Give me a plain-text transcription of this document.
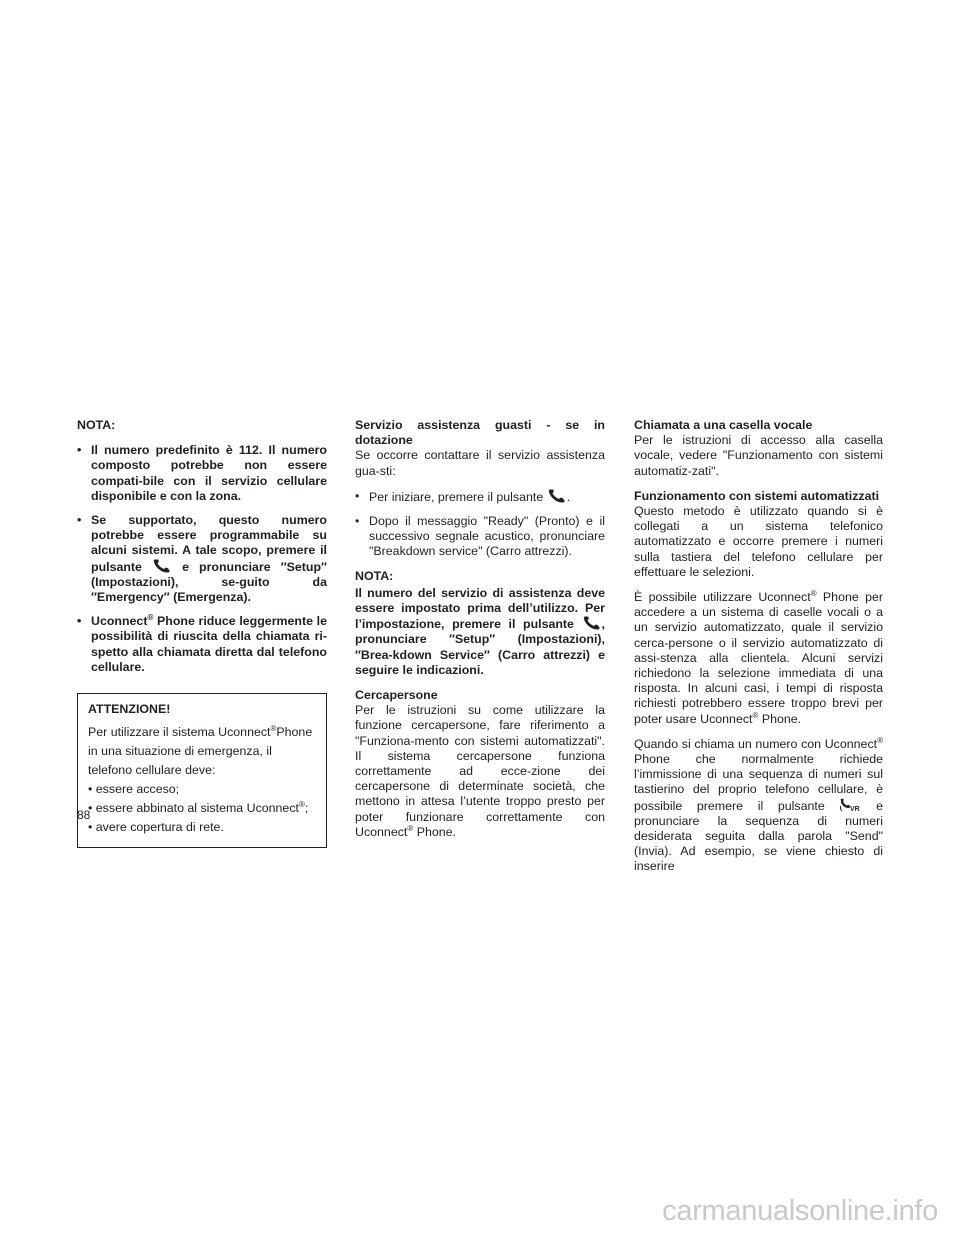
NOTA:

• Il numero predefinito è 112. Il numero composto potrebbe non essere compati-bile con il servizio cellulare disponibile e con la zona.
• Se supportato, questo numero potrebbe essere programmabile su alcuni sistemi. A tale scopo, premere il pulsante	e pronunciare ″Setup″ (Impostazioni), se-guito da ″Emergency″ (Emergenza).
• Uconnect® Phone riduce leggermente le possibilità di riuscita della chiamata ri-spetto alla chiamata diretta dal telefono cellulare.

ATTENZIONE!

Per utilizzare il sistema Uconnect®Phone in una situazione di emergenza, il telefono cellulare deve:

• essere acceso;

• essere abbinato al sistema Uconnect®;

• avere copertura di rete.

Servizio assistenza guasti - se in dotazione

Se occorre contattare il servizio assistenza gua-sti:

• Per iniziare, premere il pulsante .
• Dopo il messaggio "Ready" (Pronto) e il successivo segnale acustico, pronunciare "Breakdown service" (Carro attrezzi).

NOTA:

Il numero del servizio di assistenza deve essere impostato prima dell’utilizzo. Per l’impostazione, premere il pulsante , pronunciare ″Setup″ (Impostazioni), ″Brea-kdown Service″ (Carro attrezzi) e seguire le indicazioni.

Cercapersone

Per le istruzioni su come utilizzare la funzione cercapersone, fare riferimento a "Funziona-mento con sistemi automatizzati". Il sistema cercapersone funziona correttamente ad ecce-zione dei cercapersone di determinate società, che mettono in attesa l’utente troppo presto per poter funzionare correttamente con Uconnect® Phone.

Chiamata a una casella vocale

Per le istruzioni di accesso alla casella vocale, vedere "Funzionamento con sistemi automatiz-zati".

Funzionamento con sistemi automatizzati

Questo metodo è utilizzato quando si è collegati a un sistema telefonico automatizzato e occorre premere i numeri sulla tastiera del telefono cellulare per effettuare le selezioni.

È possibile utilizzare Uconnect® Phone per accedere a un sistema di caselle vocali o a un servizio automatizzato, quale il servizio cerca-persone o il servizio automatizzato di assi-stenza alla clientela. Alcuni servizi richiedono la selezione immediata di una risposta. In alcuni casi, i tempi di risposta richiesti potrebbero essere troppo brevi per poter usare Uconnect® Phone.

Quando si chiama un numero con Uconnect® Phone che normalmente richiede l’immissione di una sequenza di numeri sul tastierino del proprio telefono cellulare, è possibile premere il pulsante	VR e pronunciare la sequenza di numeri desiderata seguita dalla parola "Send" (Invia). Ad esempio, se viene chiesto di inserire

88
carmanualsonline.info
